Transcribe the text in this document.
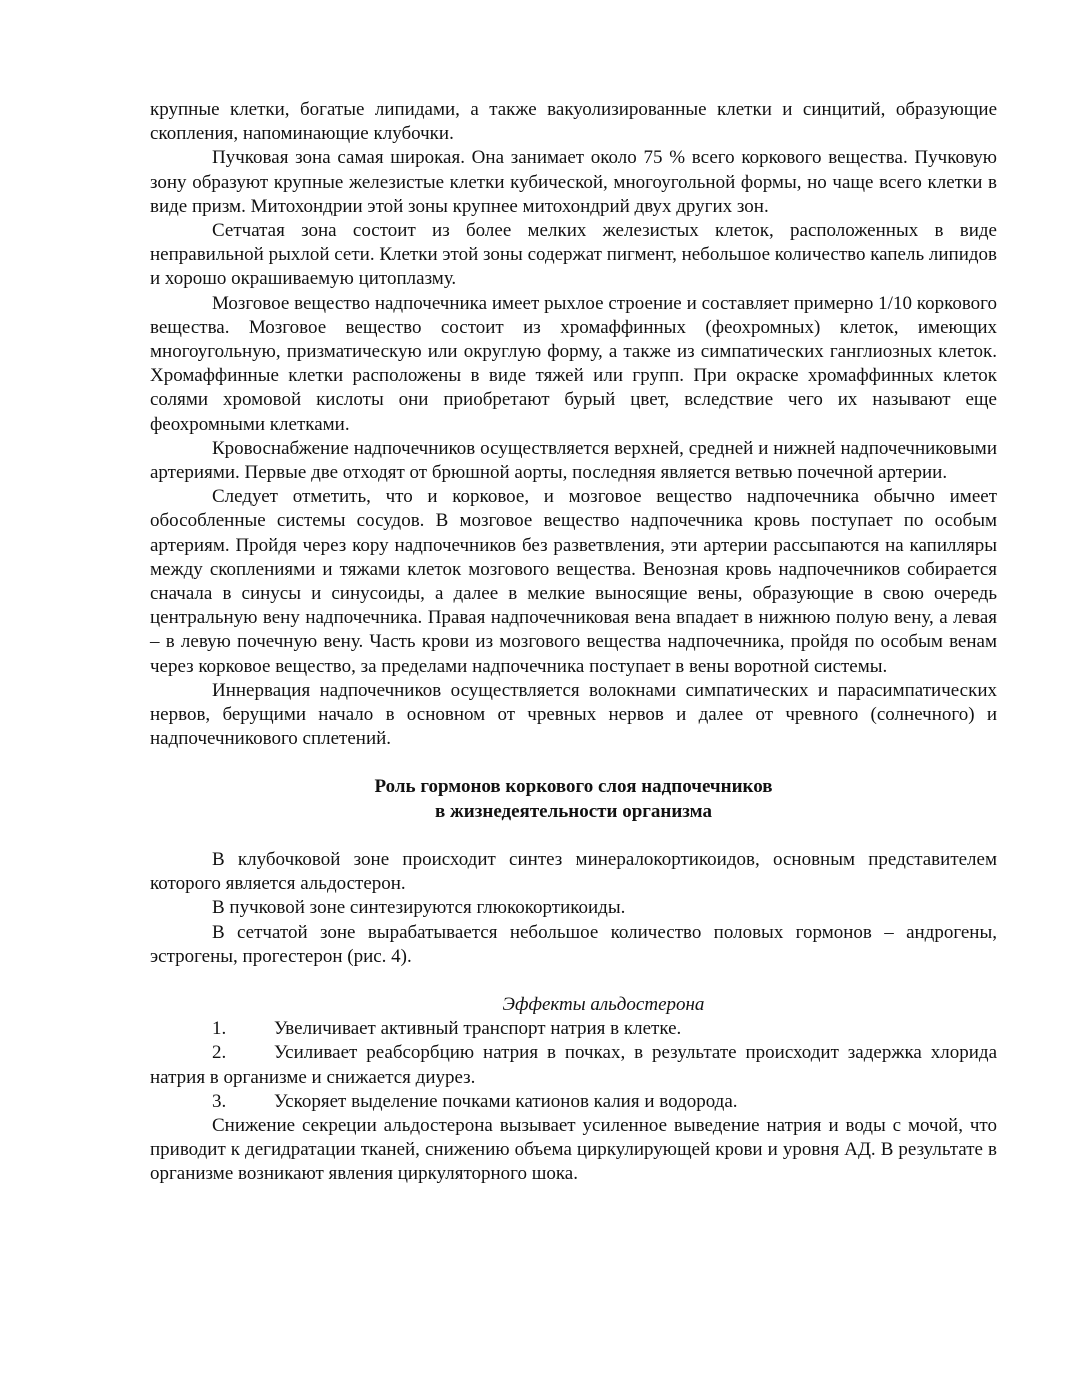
крупные клетки, богатые липидами, а также вакуолизированные клетки и синцитий, образующие скопления, напоминающие клубочки.

Пучковая зона самая широкая. Она занимает около 75 % всего коркового вещества. Пучковую зону образуют крупные железистые клетки кубической, многоугольной формы, но чаще всего клетки в виде призм. Митохондрии этой зоны крупнее митохондрий двух других зон.

Сетчатая зона состоит из более мелких железистых клеток, расположенных в виде неправильной рыхлой сети. Клетки этой зоны содержат пигмент, небольшое количество капель липидов и хорошо окрашиваемую цитоплазму.

Мозговое вещество надпочечника имеет рыхлое строение и составляет примерно 1/10 коркового вещества. Мозговое вещество состоит из хромаффинных (феохромных) клеток, имеющих многоугольную, призматическую или округлую форму, а также из симпатических ганглиозных клеток. Хромаффинные клетки расположены в виде тяжей или групп. При окраске хромаффинных клеток солями хромовой кислоты они приобретают бурый цвет, вследствие чего их называют еще феохромными клетками.

Кровоснабжение надпочечников осуществляется верхней, средней и нижней надпочечниковыми артериями. Первые две отходят от брюшной аорты, последняя является ветвью почечной артерии.

Следует отметить, что и корковое, и мозговое вещество надпочечника обычно имеет обособленные системы сосудов. В мозговое вещество надпочечника кровь поступает по особым артериям. Пройдя через кору надпочечников без разветвления, эти артерии рассыпаются на капилляры между скоплениями и тяжами клеток мозгового вещества. Венозная кровь надпочечников собирается сначала в синусы и синусоиды, а далее в мелкие выносящие вены, образующие в свою очередь центральную вену надпочечника. Правая надпочечниковая вена впадает в нижнюю полую вену, а левая – в левую почечную вену. Часть крови из мозгового вещества надпочечника, пройдя по особым венам через корковое вещество, за пределами надпочечника поступает в вены воротной системы.

Иннервация надпочечников осуществляется волокнами симпатических и парасимпатических нервов, берущими начало в основном от чревных нервов и далее от чревного (солнечного) и надпочечникового сплетений.

Роль гормонов коркового слоя надпочечников
в жизнедеятельности организма

В клубочковой зоне происходит синтез минералокортикоидов, основным представителем которого является альдостерон.

В пучковой зоне синтезируются глюкокортикоиды.

В сетчатой зоне вырабатывается небольшое количество половых гормонов – андрогены, эстрогены, прогестерон (рис. 4).

Эффекты альдостерона

1.	Увеличивает активный транспорт натрия в клетке.

2.	Усиливает реабсорбцию натрия в почках, в результате происходит задержка хлорида натрия в организме и снижается диурез.

3.	Ускоряет выделение почками катионов калия и водорода.

Снижение секреции альдостерона вызывает усиленное выведение натрия и воды с мочой, что приводит к дегидратации тканей, снижению объема циркулирующей крови и уровня АД. В результате в организме возникают явления циркуляторного шока.
